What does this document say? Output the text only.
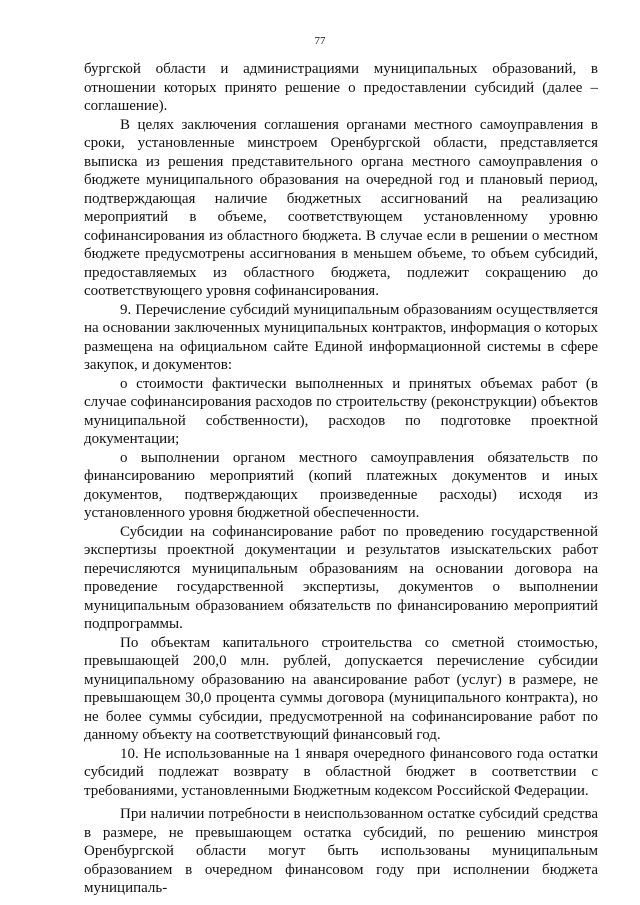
77

бургской области и администрациями муниципальных образований, в отношении которых принято решение о предоставлении субсидий (далее – соглашение).

В целях заключения соглашения органами местного самоуправления в сроки, установленные минстроем Оренбургской области, представляется выписка из решения представительного органа местного самоуправления о бюджете муниципального образования на очередной год и плановый период, подтверждающая наличие бюджетных ассигнований на реализацию мероприятий в объеме, соответствующем установленному уровню софинансирования из областного бюджета. В случае если в решении о местном бюджете предусмотрены ассигнования в меньшем объеме, то объем субсидий, предоставляемых из областного бюджета, подлежит сокращению до соответствующего уровня софинансирования.

9. Перечисление субсидий муниципальным образованиям осуществляется на основании заключенных муниципальных контрактов, информация о которых размещена на официальном сайте Единой информационной системы в сфере закупок, и документов:

о стоимости фактически выполненных и принятых объемах работ (в случае софинансирования расходов по строительству (реконструкции) объектов муниципальной собственности), расходов по подготовке проектной документации;

о выполнении органом местного самоуправления обязательств по финансированию мероприятий (копий платежных документов и иных документов, подтверждающих произведенные расходы) исходя из установленного уровня бюджетной обеспеченности.

Субсидии на софинансирование работ по проведению государственной экспертизы проектной документации и результатов изыскательских работ перечисляются муниципальным образованиям на основании договора на проведение государственной экспертизы, документов о выполнении муниципальным образованием обязательств по финансированию мероприятий подпрограммы.

По объектам капитального строительства со сметной стоимостью, превышающей 200,0 млн. рублей, допускается перечисление субсидии муниципальному образованию на авансирование работ (услуг) в размере, не превышающем 30,0 процента суммы договора (муниципального контракта), но не более суммы субсидии, предусмотренной на софинансирование работ по данному объекту на соответствующий финансовый год.

10. Не использованные на 1 января очередного финансового года остатки субсидий подлежат возврату в областной бюджет в соответствии с требованиями, установленными Бюджетным кодексом Российской Федерации.

При наличии потребности в неиспользованном остатке субсидий средства в размере, не превышающем остатка субсидий, по решению минстроя Оренбургской области могут быть использованы муниципальным образованием в очередном финансовом году при исполнении бюджета муниципаль-
